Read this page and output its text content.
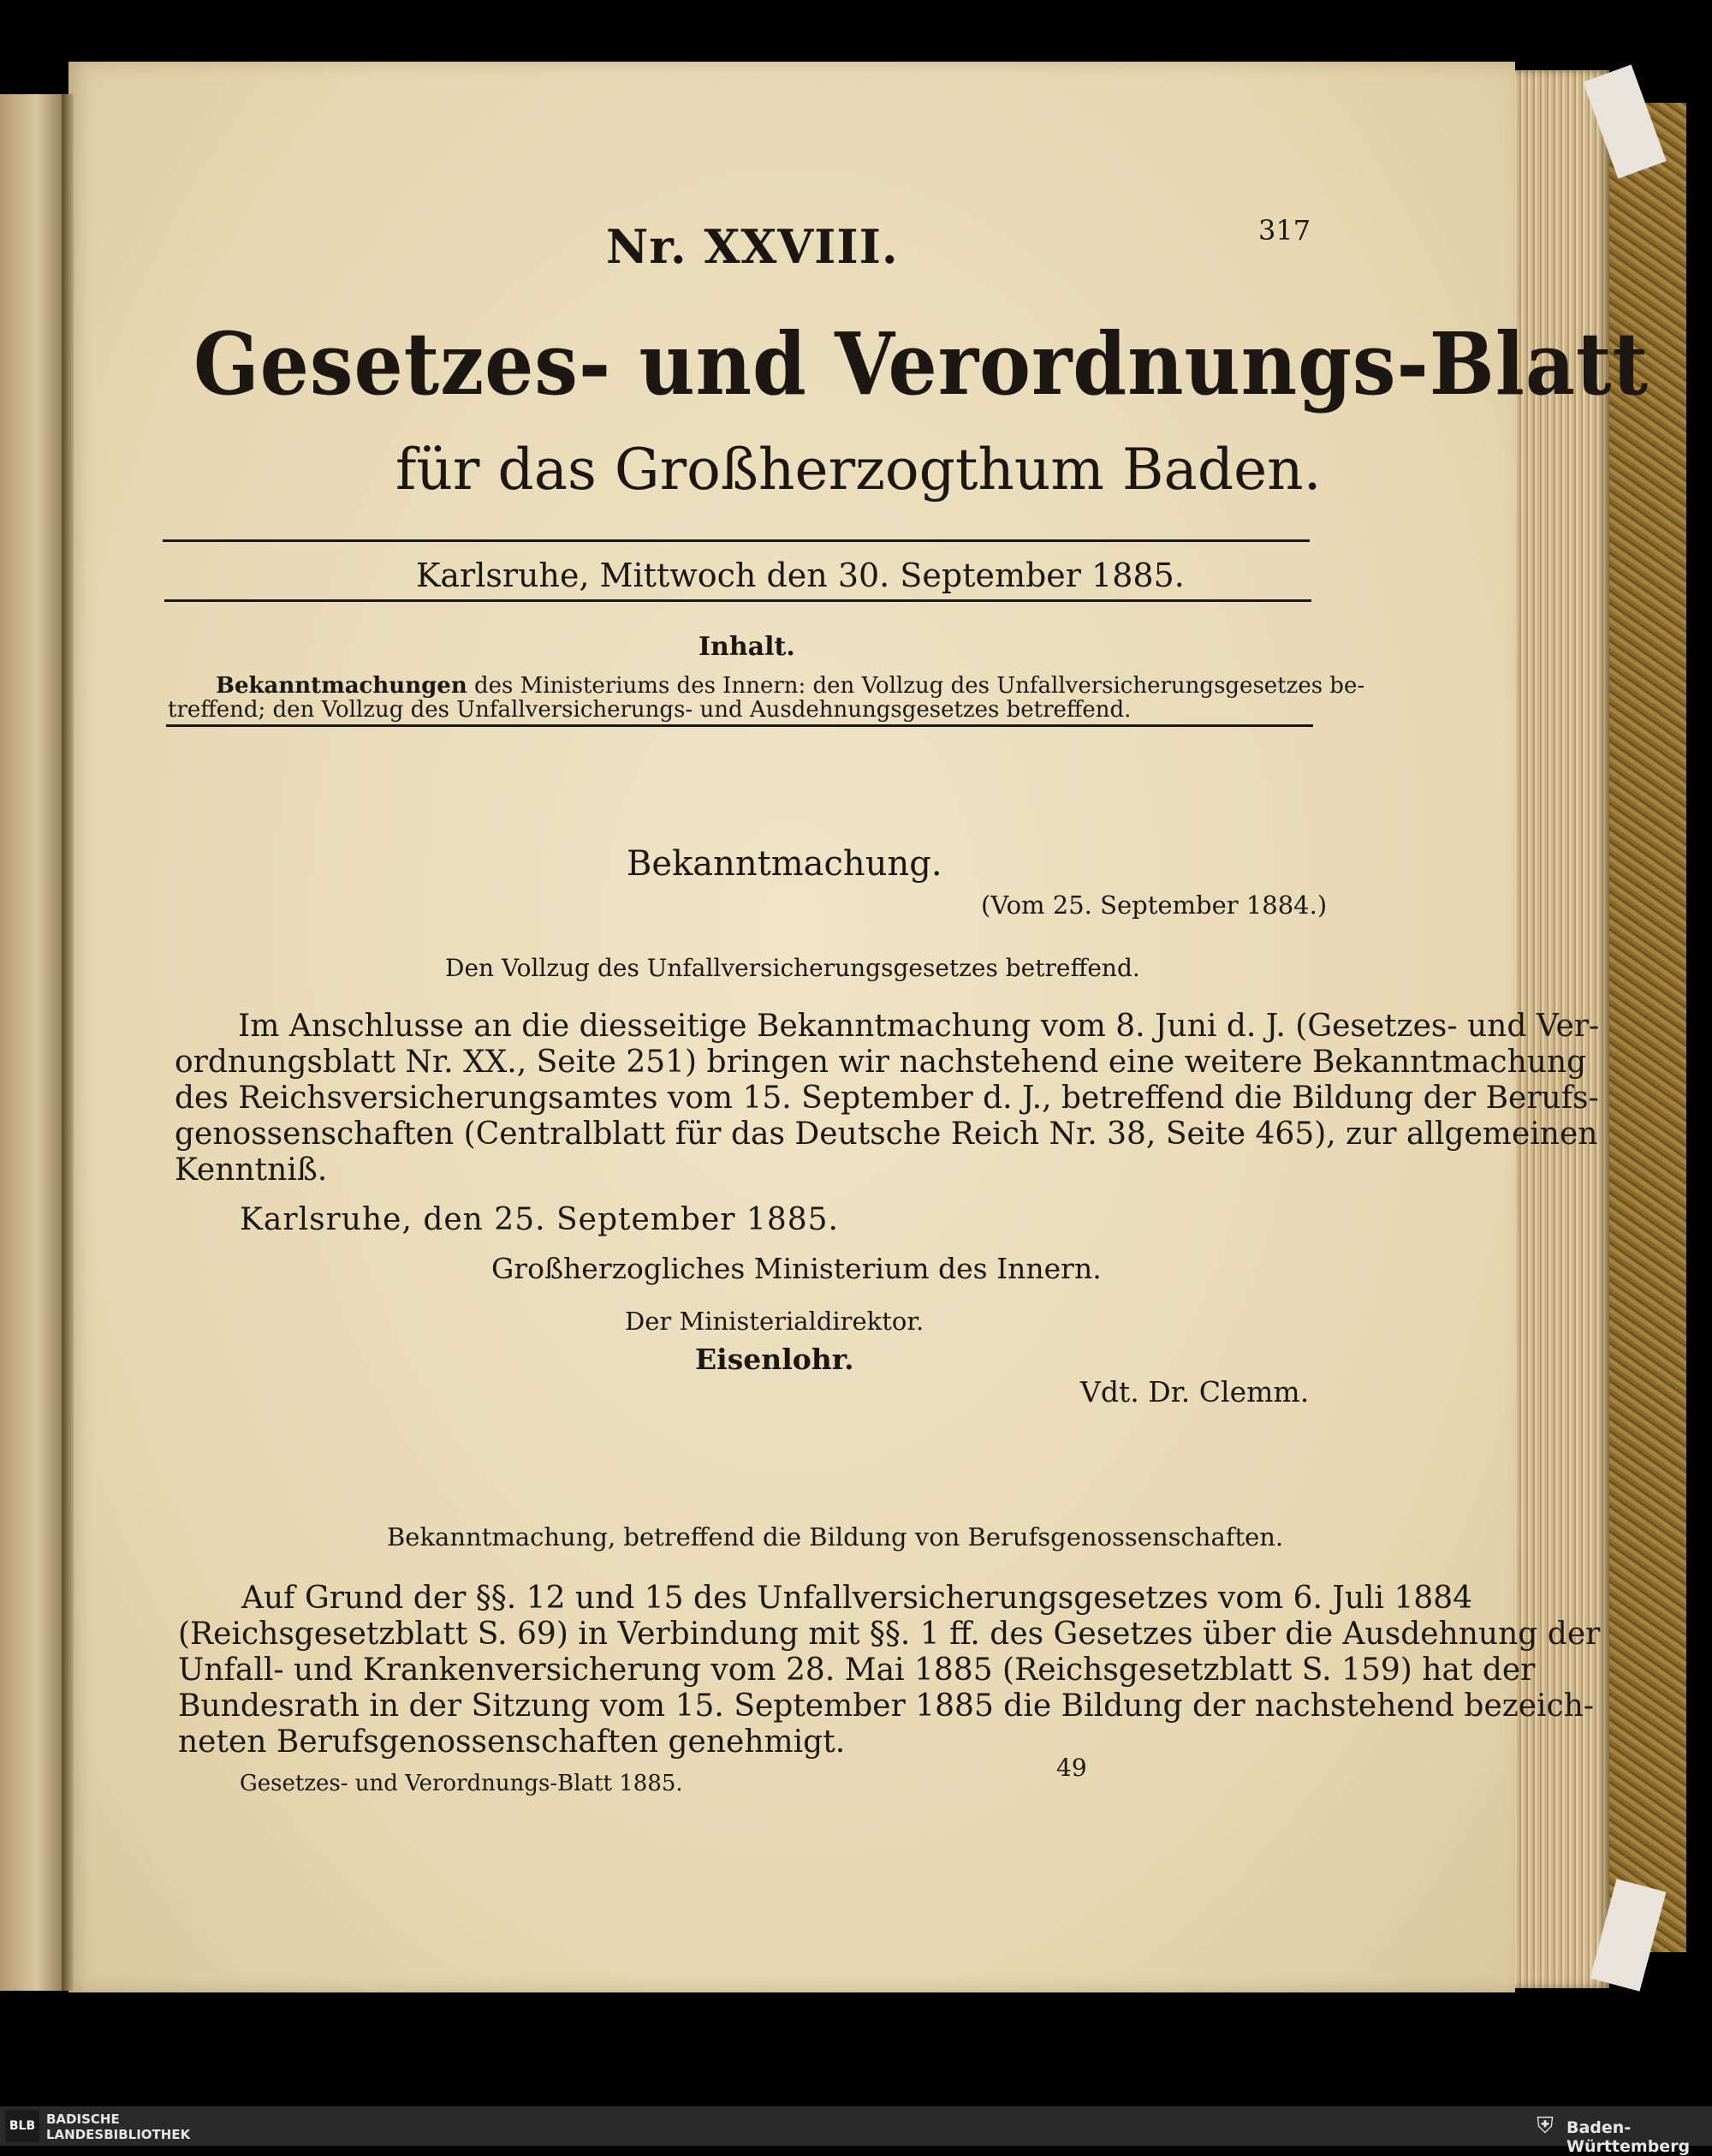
Nr. XXVIII.	317
Gesetzes- und Verordnungs-Blatt
für das Großherzogthum Baden.
Karlsruhe, Mittwoch den 30. September 1885.
Inhalt.
Bekanntmachungen des Ministeriums des Innern: den Vollzug des Unfallversicherungsgesetzes be-
treffend; den Vollzug des Unfallversicherungs- und Ausdehnungsgesetzes betreffend.
Bekanntmachung.
(Vom 25. September 1884.)
Den Vollzug des Unfallversicherungsgesetzes betreffend.
Im Anschlusse an die diesseitige Bekanntmachung vom 8. Juni d. J. (Gesetzes- und Ver-
ordnungsblatt Nr. XX., Seite 251) bringen wir nachstehend eine weitere Bekanntmachung
des Reichsversicherungsamtes vom 15. September d. J., betreffend die Bildung der Berufs-
genossenschaften (Centralblatt für das Deutsche Reich Nr. 38, Seite 465), zur allgemeinen
Kenntniß.
Karlsruhe, den 25. September 1885.
Großherzogliches Ministerium des Innern.
Der Ministerialdirektor.
Eisenlohr.
Vdt. Dr. Clemm.
Bekanntmachung, betreffend die Bildung von Berufsgenossenschaften.
Auf Grund der §§. 12 und 15 des Unfallversicherungsgesetzes vom 6. Juli 1884
(Reichsgesetzblatt S. 69) in Verbindung mit §§. 1 ff. des Gesetzes über die Ausdehnung der
Unfall- und Krankenversicherung vom 28. Mai 1885 (Reichsgesetzblatt S. 159) hat der
Bundesrath in der Sitzung vom 15. September 1885 die Bildung der nachstehend bezeich-
neten Berufsgenossenschaften genehmigt.
Gesetzes- und Verordnungs-Blatt 1885.
49
BLB BADISCHE
LANDESBIBLIOTHEK	⛨ Baden-Württemberg
